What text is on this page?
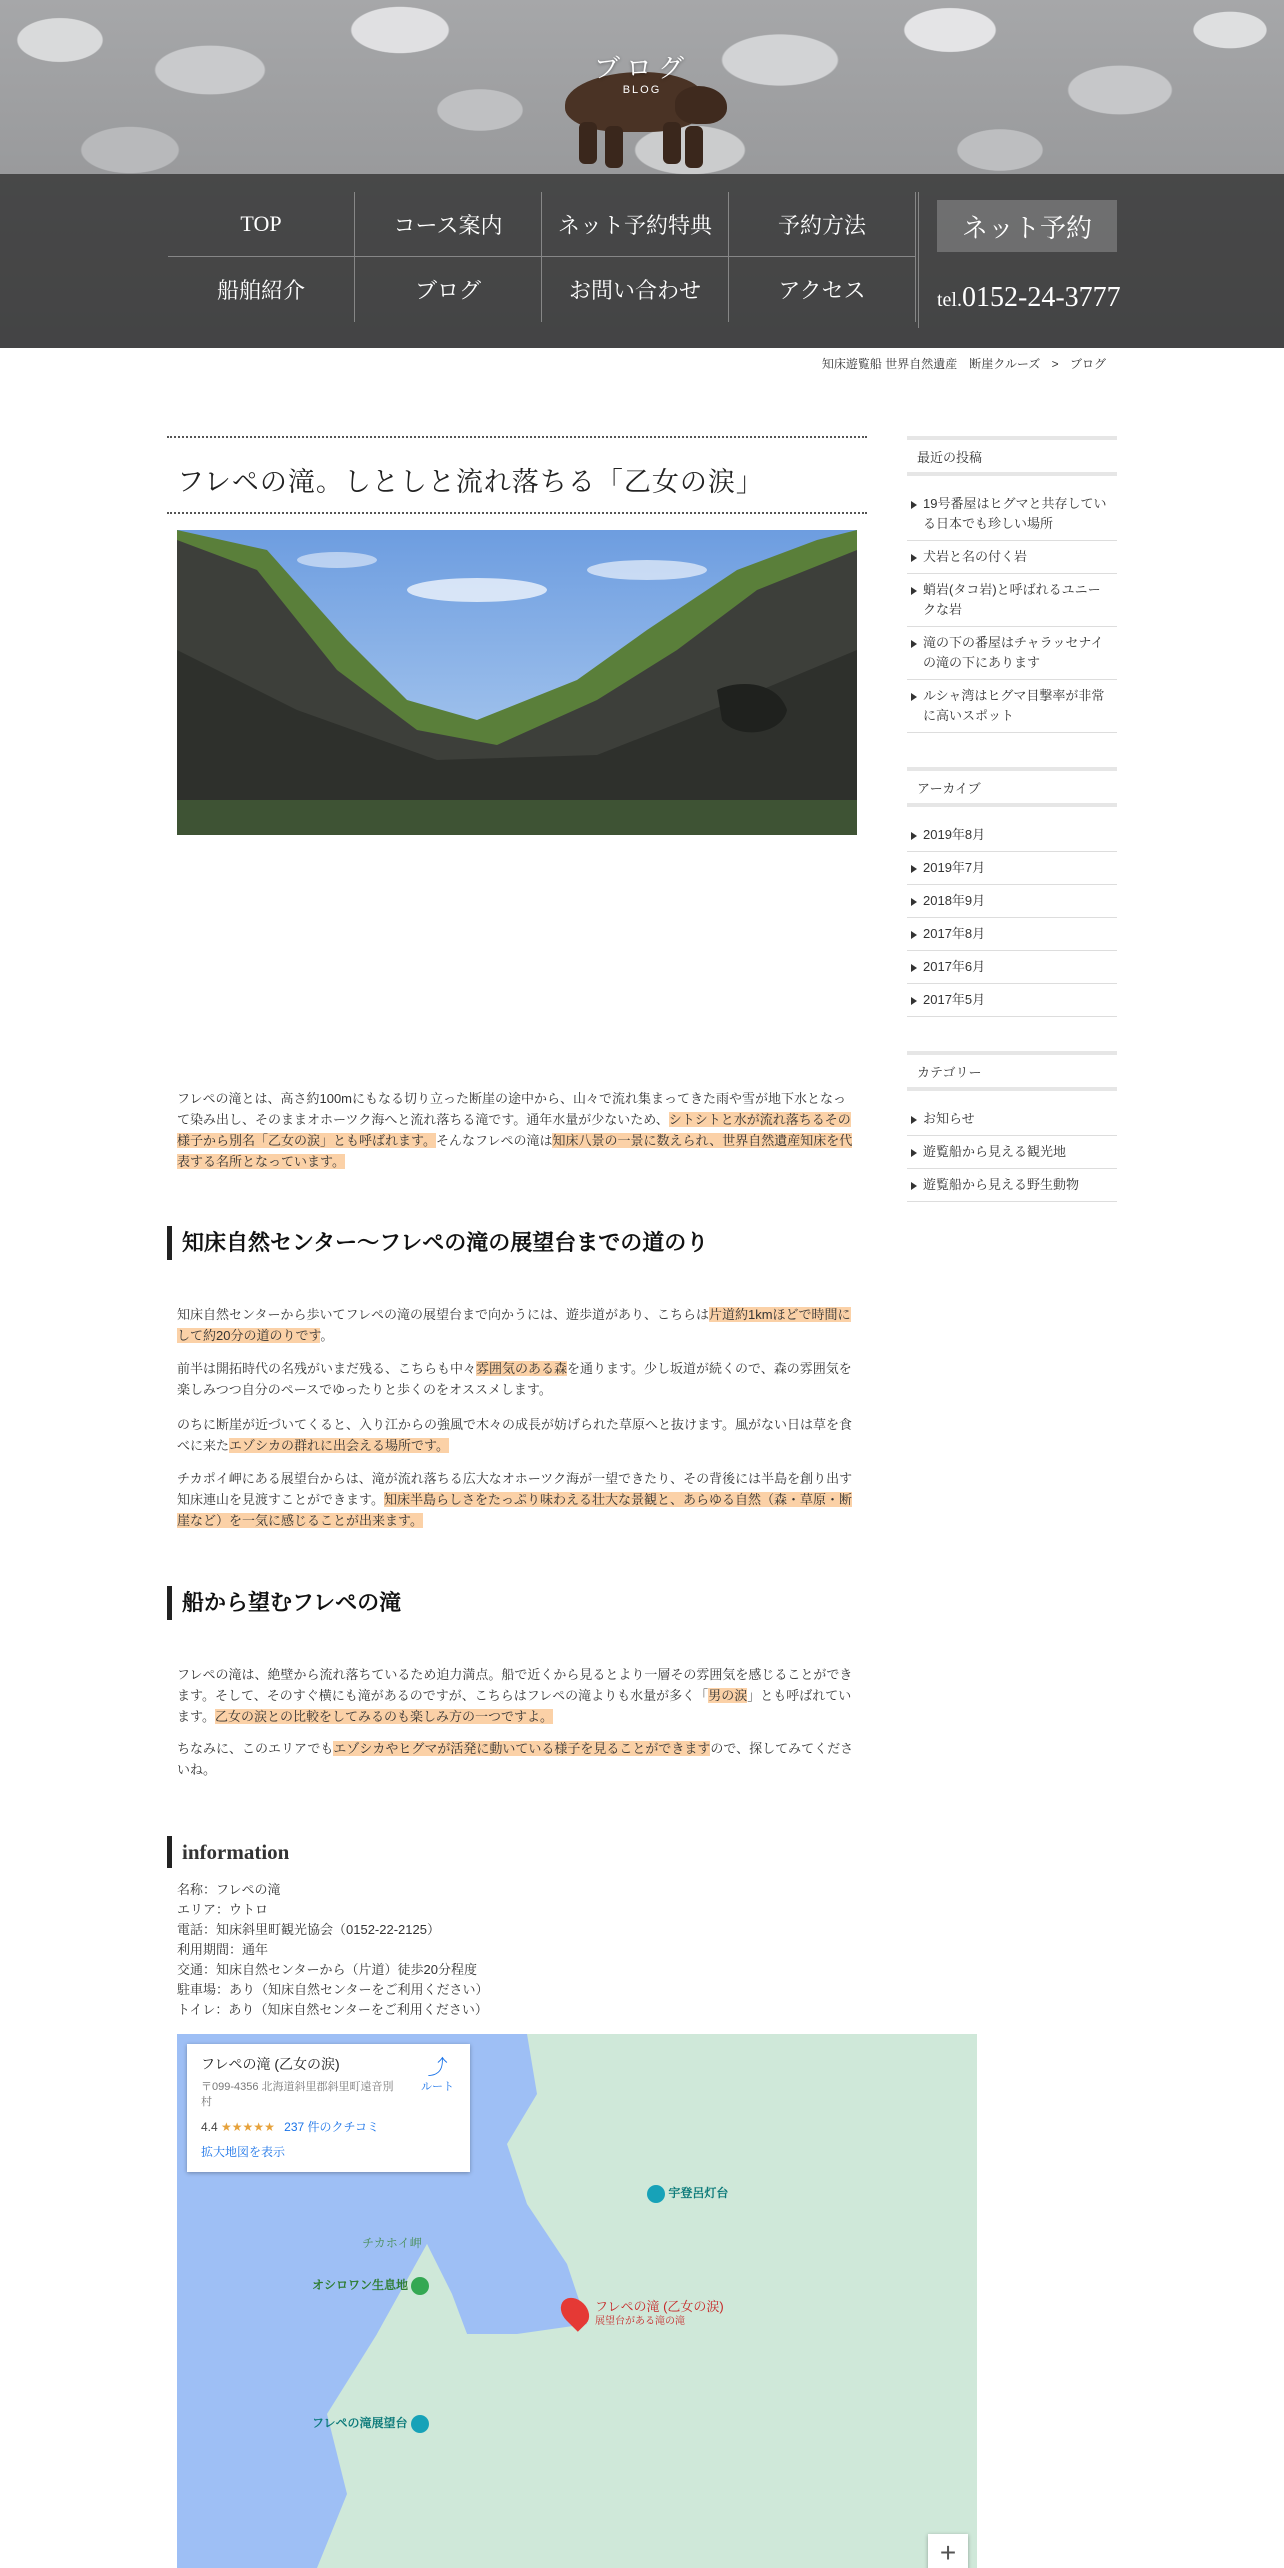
ブログ
BLOG
TOP	コース案内	ネット予約特典	予約方法
船舶紹介	ブログ	お問い合わせ	アクセス
ネット予約
tel.0152-24-3777
知床遊覧船 世界自然遺産　断崖クルーズ > ブログ
フレペの滝。しとしと流れ落ちる「乙女の涙」
フレペの滝とは、高さ約100mにもなる切り立った断崖の途中から、山々で流れ集まってきた雨や雪が地下水となって染み出し、そのままオホーツク海へと流れ落ちる滝です。通年水量が少ないため、シトシトと水が流れ落ちるその様子から別名「乙女の涙」とも呼ばれます。そんなフレペの滝は知床八景の一景に数えられ、世界自然遺産知床を代表する名所となっています。
知床自然センター～フレペの滝の展望台までの道のり
知床自然センターから歩いてフレペの滝の展望台まで向かうには、遊歩道があり、こちらは片道約1kmほどで時間にして約20分の道のりです。
前半は開拓時代の名残がいまだ残る、こちらも中々雰囲気のある森を通ります。少し坂道が続くので、森の雰囲気を楽しみつつ自分のペースでゆったりと歩くのをオススメします。
のちに断崖が近づいてくると、入り江からの強風で木々の成長が妨げられた草原へと抜けます。風がない日は草を食べに来たエゾシカの群れに出会える場所です。
チカポイ岬にある展望台からは、滝が流れ落ちる広大なオホーツク海が一望できたり、その背後には半島を創り出す知床連山を見渡すことができます。知床半島らしさをたっぷり味わえる壮大な景観と、あらゆる自然（森・草原・断崖など）を一気に感じることが出来ます。
船から望むフレペの滝
フレペの滝は、絶壁から流れ落ちているため迫力満点。船で近くから見るとより一層その雰囲気を感じることができます。そして、そのすぐ横にも滝があるのですが、こちらはフレペの滝よりも水量が多く「男の涙」とも呼ばれています。乙女の涙との比較をしてみるのも楽しみ方の一つですよ。
ちなみに、このエリアでもエゾシカやヒグマが活発に動いている様子を見ることができますので、探してみてくださいね。
information
名称：フレペの滝
エリア：ウトロ
電話：知床斜里町観光協会（0152-22-2125）
利用期間：通年
交通：知床自然センターから（片道）徒歩20分程度
駐車場：あり（知床自然センターをご利用ください）
トイレ：あり（知床自然センターをご利用ください）
フレペの滝 (乙女の涙)
〒099-4356 北海道斜里郡斜里町遠音別村
4.4 ★★★★★ 237 件のクチコミ
拡大地図を表示
⤴
ルート
宇登呂灯台
チカホイ岬
オシロワン生息地
フレペの滝 (乙女の涙)
展望台がある滝の滝
フレペの滝展望台
+
最近の投稿
19号番屋はヒグマと共存している日本でも珍しい場所
犬岩と名の付く岩
蛸岩(タコ岩)と呼ばれるユニークな岩
滝の下の番屋はチャラッセナイの滝の下にあります
ルシャ湾はヒグマ目撃率が非常に高いスポット
アーカイブ
2019年8月
2019年7月
2018年9月
2017年8月
2017年6月
2017年5月
カテゴリー
お知らせ
遊覧船から見える観光地
遊覧船から見える野生動物
